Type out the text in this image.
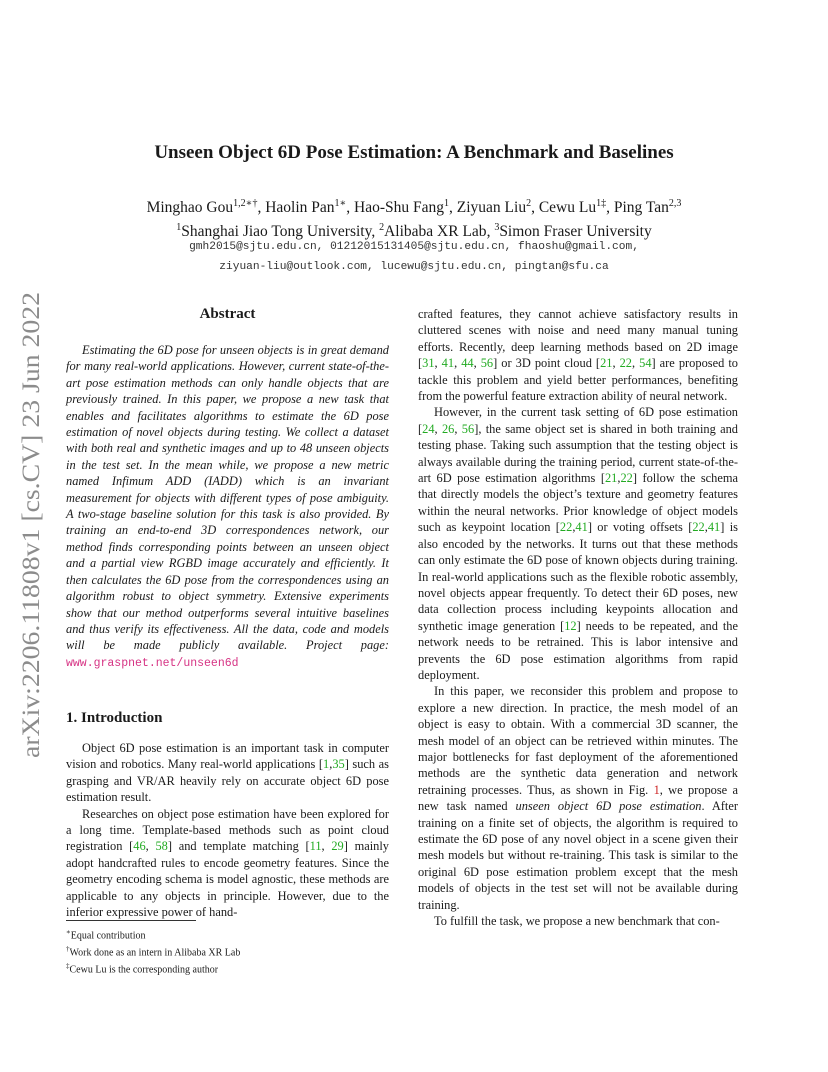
arXiv:2206.11808v1 [cs.CV] 23 Jun 2022
Unseen Object 6D Pose Estimation: A Benchmark and Baselines
Minghao Gou$^{1,2∗\dagger}$, Haolin Pan$^{1∗}$, Hao-Shu Fang$^1$, Ziyuan Liu$^2$, Cewu $Lu^{1\ddagger}$, Ping Tan$^{2,3}$
$^1$Shanghai Jiao Tong University, $^2$Alibaba XR Lab, $^3$Simon Fraser University
gmh2015@sjtu.edu.cn, 01212015131405@sjtu.edu.cn, fhaoshu@gmail.com,
ziyuan-liu@outlook.com, lucewu@sjtu.edu.cn, pingtan@sfu.ca
Abstract
Estimating the 6D pose for unseen objects is in great demand for many real-world applications. However, current state-of-the-art pose estimation methods can only handle objects that are previously trained. In this paper, we propose a new task that enables and facilitates algorithms to estimate the 6D pose estimation of novel objects during testing. We collect a dataset with both real and synthetic images and up to 48 unseen objects in the test set. In the mean while, we propose a new metric named Infimum ADD (IADD) which is an invariant measurement for objects with different types of pose ambiguity. A two-stage baseline solution for this task is also provided. By training an end-to-end 3D correspondences network, our method finds corresponding points between an unseen object and a partial view RGBD image accurately and efficiently. It then calculates the 6D pose from the correspondences using an algorithm robust to object symmetry. Extensive experiments show that our method outperforms several intuitive baselines and thus verify its effectiveness. All the data, code and models will be made publicly available. Project page: www.graspnet.net/unseen6d
1. Introduction

Object 6D pose estimation is an important task in computer vision and robotics. Many real-world applications [1,35] such as grasping and VR/AR heavily rely on accurate object 6D pose estimation result.

Researches on object pose estimation have been explored for a long time. Template-based methods such as point cloud registration [46, 58] and template matching [11, 29] mainly adopt handcrafted rules to encode geometry features. Since the geometry encoding schema is model agnostic, these methods are applicable to any objects in principle. However, due to the inferior expressive power of hand-

∗Equal contribution
†Work done as an intern in Alibaba XR Lab
‡Cewu Lu is the corresponding author

crafted features, they cannot achieve satisfactory results in cluttered scenes with noise and need many manual tuning efforts. Recently, deep learning methods based on 2D image [31, 41, 44, 56] or 3D point cloud [21, 22, 54] are proposed to tackle this problem and yield better performances, benefiting from the powerful feature extraction ability of neural network.

However, in the current task setting of 6D pose estimation [24, 26, 56], the same object set is shared in both training and testing phase. Taking such assumption that the testing object is always available during the training period, current state-of-the-art 6D pose estimation algorithms [21,22] follow the schema that directly models the object’s texture and geometry features within the neural networks. Prior knowledge of object models such as keypoint location [22,41] or voting offsets [22,41] is also encoded by the networks. It turns out that these methods can only estimate the 6D pose of known objects during training. In real-world applications such as the flexible robotic assembly, novel objects appear frequently. To detect their 6D poses, new data collection process including keypoints allocation and synthetic image generation [12] needs to be repeated, and the network needs to be retrained. This is labor intensive and prevents the 6D pose estimation algorithms from rapid deployment.

In this paper, we reconsider this problem and propose to explore a new direction. In practice, the mesh model of an object is easy to obtain. With a commercial 3D scanner, the mesh model of an object can be retrieved within minutes. The major bottlenecks for fast deployment of the aforementioned methods are the synthetic data generation and network retraining processes. Thus, as shown in Fig. 1, we propose a new task named unseen object 6D pose estimation. After training on a finite set of objects, the algorithm is required to estimate the 6D pose of any novel object in a scene given their mesh models but without re-training. This task is similar to the original 6D pose estimation problem except that the mesh models of objects in the test set will not be available during training.

To fulfill the task, we propose a new benchmark that con-
